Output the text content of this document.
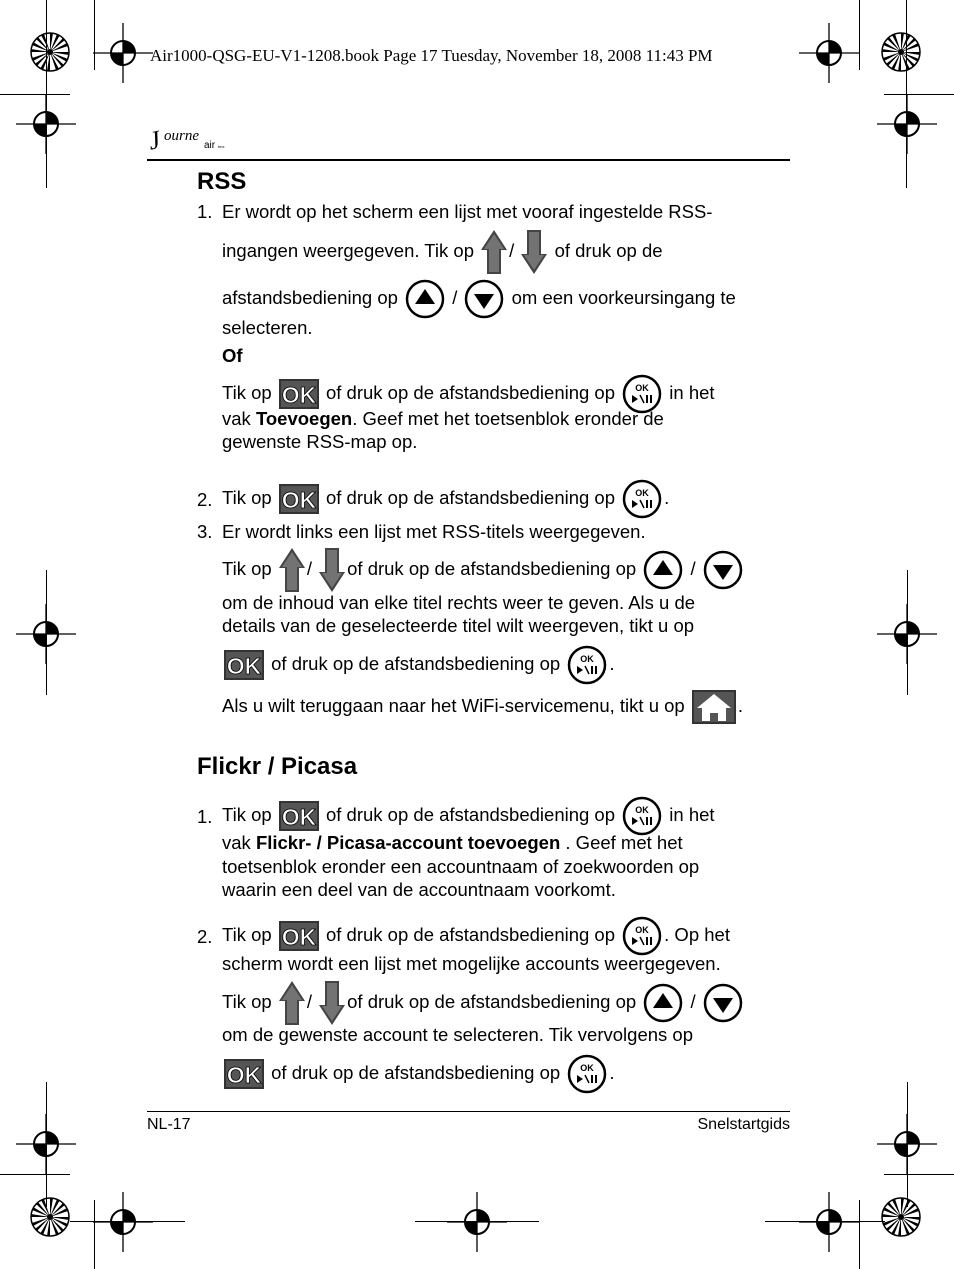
Air1000-QSG-EU-V1-1208.book Page 17 Tuesday, November 18, 2008 11:43 PM
J ourne
air tmx
RSS
1. Er wordt op het scherm een lijst met vooraf ingestelde RSS-
ingangen weergegeven. Tik op / of druk op de
afstandsbediening op	/	om een voorkeursingang te
selecteren.
Of
Tik op	of druk op de afstandsbediening op	in het
vak Toevoegen. Geef met het toetsenblok eronder de
gewenste RSS-map op.
2. Tik op	of druk op de afstandsbediening op	.
3. Er wordt links een lijst met RSS-titels weergegeven.
Tik op / of druk op de afstandsbediening op	/
om de inhoud van elke titel rechts weer te geven. Als u de
details van de geselecteerde titel wilt weergeven, tikt u op
of druk op de afstandsbediening op	.
Als u wilt teruggaan naar het WiFi-servicemenu, tikt u op	.
Flickr / Picasa
1. Tik op	of druk op de afstandsbediening op	in het
vak Flickr- / Picasa-account toevoegen . Geef met het
toetsenblok eronder een accountnaam of zoekwoorden op
waarin een deel van de accountnaam voorkomt.
2. Tik op	of druk op de afstandsbediening op	. Op het
scherm wordt een lijst met mogelijke accounts weergegeven.
Tik op / of druk op de afstandsbediening op	/
om de gewenste account te selecteren. Tik vervolgens op
of druk op de afstandsbediening op	.
NL-17	Snelstartgids
